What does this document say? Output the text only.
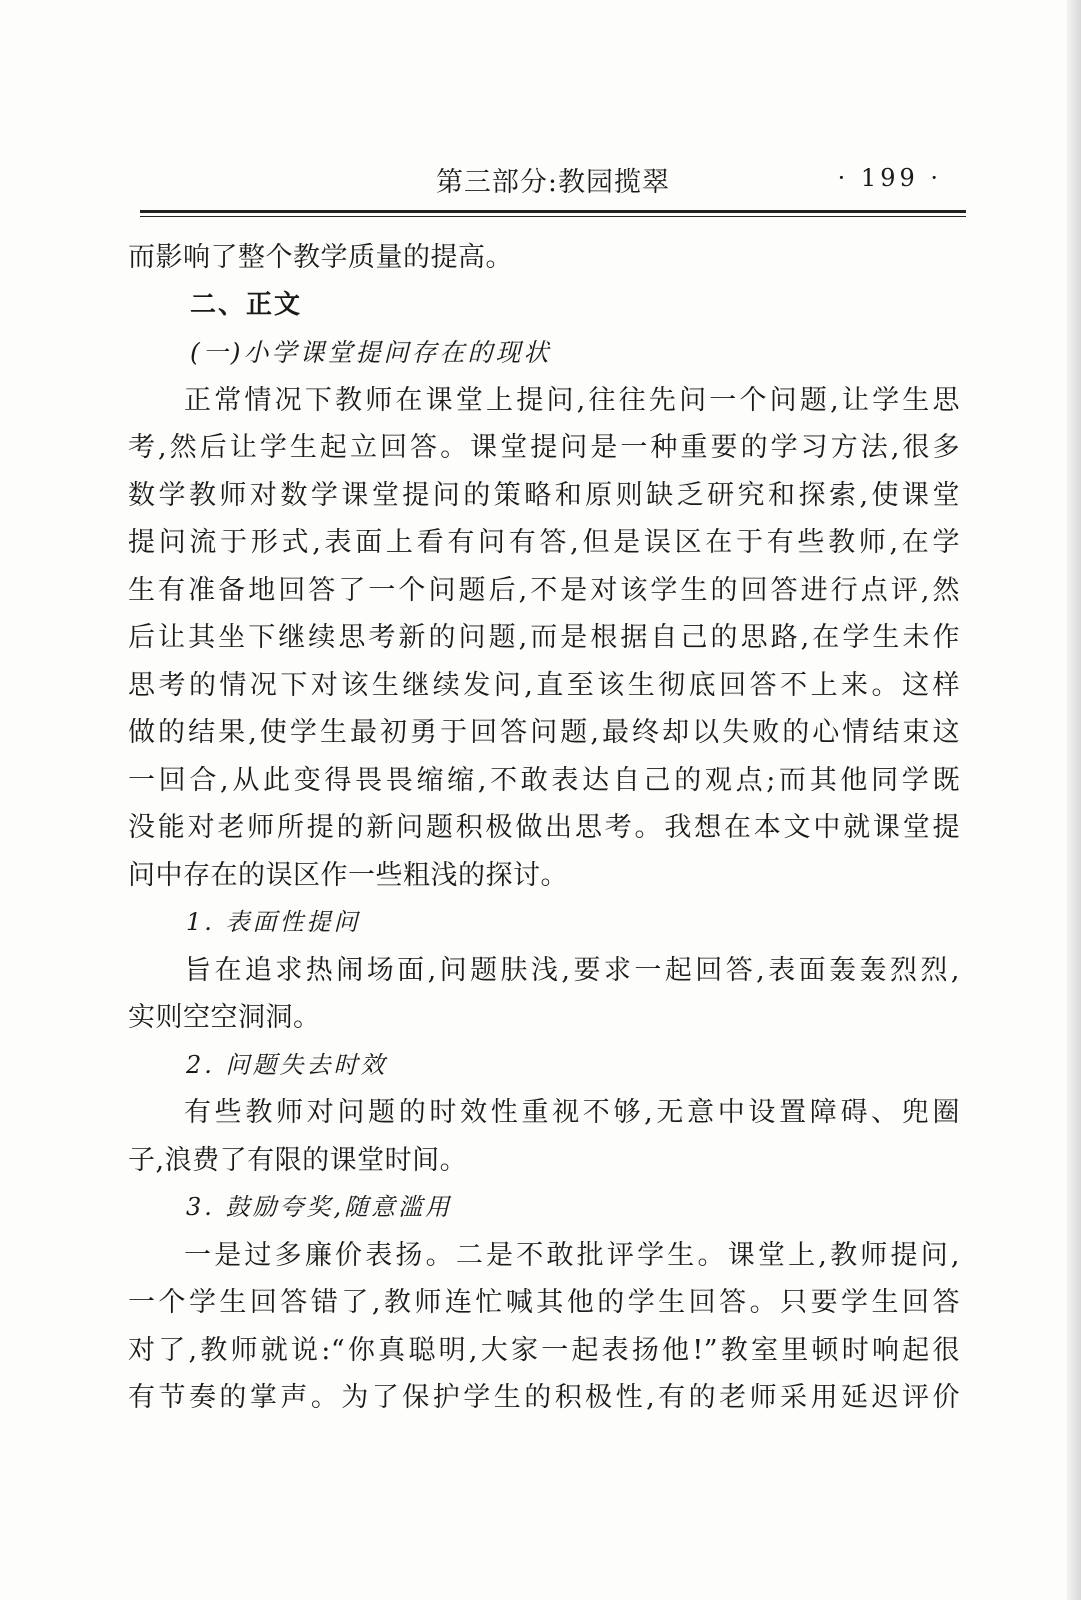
第三部分:教园揽翠	· 199 ·
而影响了整个教学质量的提高。
二、正文
(一)小学课堂提问存在的现状
正常情况下教师在课堂上提问,往往先问一个问题,让学生思
考,然后让学生起立回答。课堂提问是一种重要的学习方法,很多
数学教师对数学课堂提问的策略和原则缺乏研究和探索,使课堂
提问流于形式,表面上看有问有答,但是误区在于有些教师,在学
生有准备地回答了一个问题后,不是对该学生的回答进行点评,然
后让其坐下继续思考新的问题,而是根据自己的思路,在学生未作
思考的情况下对该生继续发问,直至该生彻底回答不上来。这样
做的结果,使学生最初勇于回答问题,最终却以失败的心情结束这
一回合,从此变得畏畏缩缩,不敢表达自己的观点;而其他同学既
没能对老师所提的新问题积极做出思考。我想在本文中就课堂提
问中存在的误区作一些粗浅的探讨。
1. 表面性提问
旨在追求热闹场面,问题肤浅,要求一起回答,表面轰轰烈烈,
实则空空洞洞。
2. 问题失去时效
有些教师对问题的时效性重视不够,无意中设置障碍、兜圈
子,浪费了有限的课堂时间。
3. 鼓励夸奖,随意滥用
一是过多廉价表扬。二是不敢批评学生。课堂上,教师提问,
一个学生回答错了,教师连忙喊其他的学生回答。只要学生回答
对了,教师就说:“你真聪明,大家一起表扬他!”教室里顿时响起很
有节奏的掌声。为了保护学生的积极性,有的老师采用延迟评价
